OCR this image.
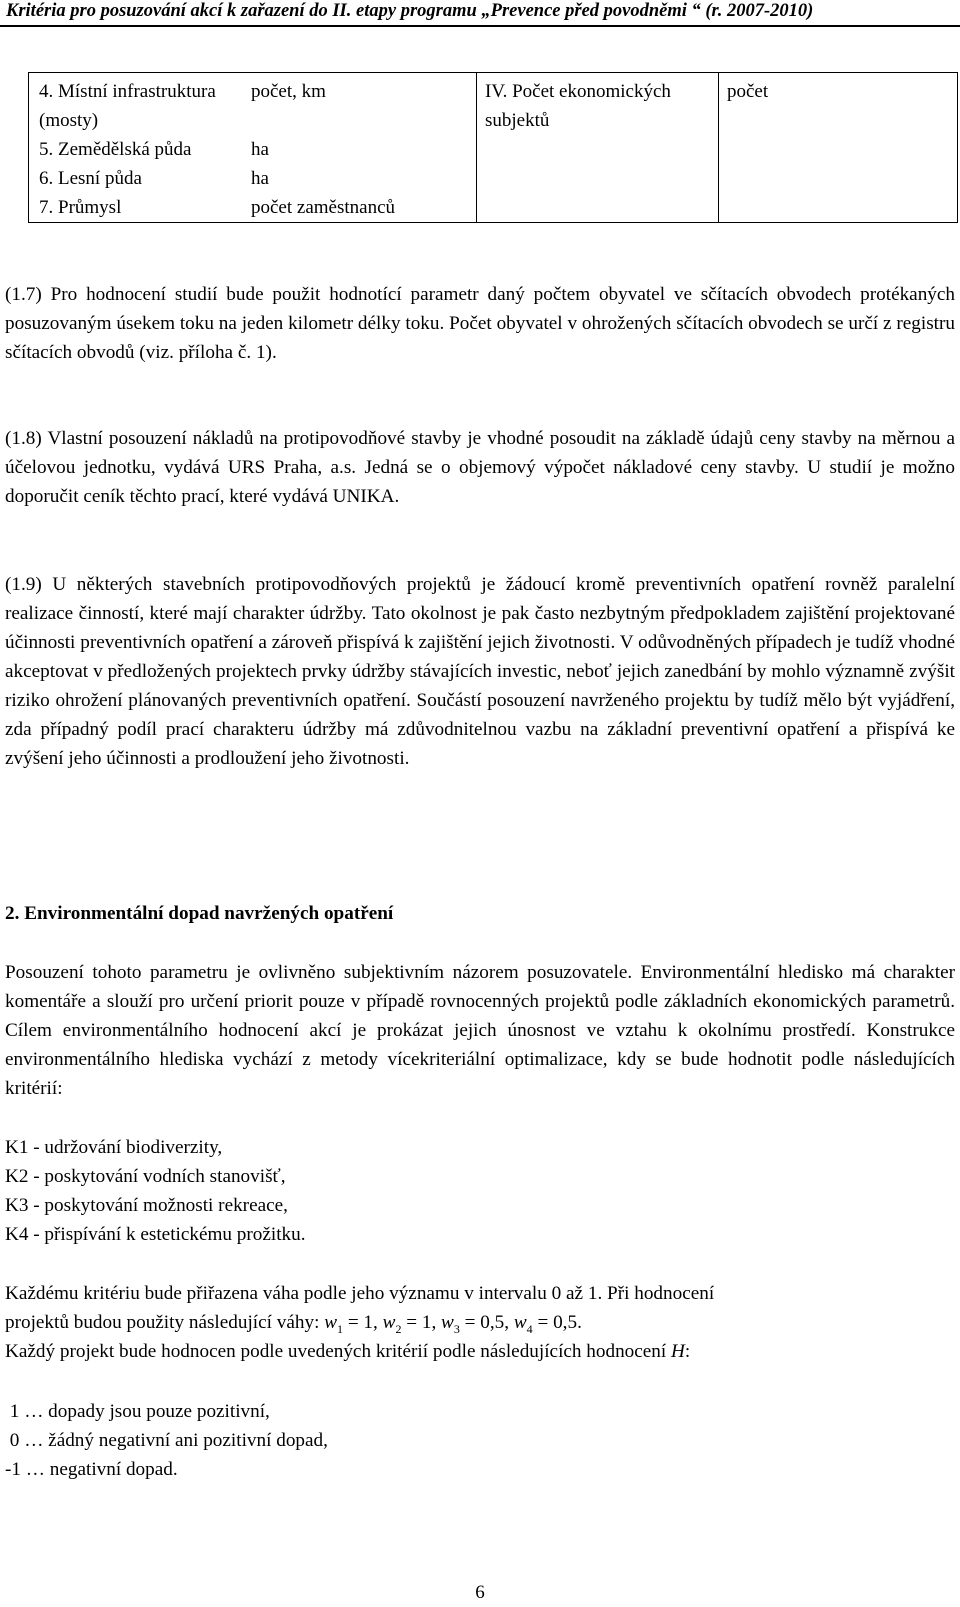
Kritéria pro posuzování akcí k zařazení do II. etapy programu „Prevence před povodněmi “ (r. 2007-2010)
4. Místní infrastruktura (mosty)	počet, km	IV. Počet ekonomických subjektů	počet
5. Zemědělská půda	ha		
6. Lesní půda	ha		
7. Průmysl	počet zaměstnanců		
(1.7) Pro hodnocení studií bude použit hodnotící parametr daný počtem obyvatel ve sčítacích obvodech protékaných posuzovaným úsekem toku na jeden kilometr délky toku. Počet obyvatel v ohrožených sčítacích obvodech se určí z registru sčítacích obvodů (viz. příloha č. 1).
(1.8) Vlastní posouzení nákladů na protipovodňové stavby je vhodné posoudit na základě údajů ceny stavby na měrnou a účelovou jednotku, vydává URS Praha, a.s. Jedná se o objemový výpočet nákladové ceny stavby. U studií je možno doporučit ceník těchto prací, které vydává UNIKA.
(1.9) U některých stavebních protipovodňových projektů je žádoucí kromě preventivních opatření rovněž paralelní realizace činností, které mají charakter údržby. Tato okolnost je pak často nezbytným předpokladem zajištění projektované účinnosti preventivních opatření a zároveň přispívá k zajištění jejich životnosti. V odůvodněných případech je tudíž vhodné akceptovat v předložených projektech prvky údržby stávajících investic, neboť jejich zanedbání by mohlo významně zvýšit riziko ohrožení plánovaných preventivních opatření. Součástí posouzení navrženého projektu by tudíž mělo být vyjádření, zda případný podíl prací charakteru údržby má zdůvodnitelnou vazbu na základní preventivní opatření a přispívá ke zvýšení jeho účinnosti a prodloužení jeho životnosti.
2. Environmentální dopad navržených opatření
Posouzení tohoto parametru je ovlivněno subjektivním názorem posuzovatele. Environmentální hledisko má charakter komentáře a slouží pro určení priorit pouze v případě rovnocenných projektů podle základních ekonomických parametrů. Cílem environmentálního hodnocení akcí je prokázat jejich únosnost ve vztahu k okolnímu prostředí. Konstrukce environmentálního hlediska vychází z metody vícekriteriální optimalizace, kdy se bude hodnotit podle následujících kritérií:
K1 - udržování biodiverzity,
K2 - poskytování vodních stanovišť,
K3 - poskytování možnosti rekreace,
K4 - přispívání k estetickému prožitku.
Každému kritériu bude přiřazena váha podle jeho významu v intervalu 0 až 1. Při hodnocení
projektů budou použity následující váhy: $w_1 = 1$, $w_2 = 1$, $w_3 = 0,5$, $w_4 = 0,5$.
Každý projekt bude hodnocen podle uvedených kritérií podle následujících hodnocení H:
1 … dopady jsou pouze pozitivní,
0 … žádný negativní ani pozitivní dopad,
-1 … negativní dopad.
6
